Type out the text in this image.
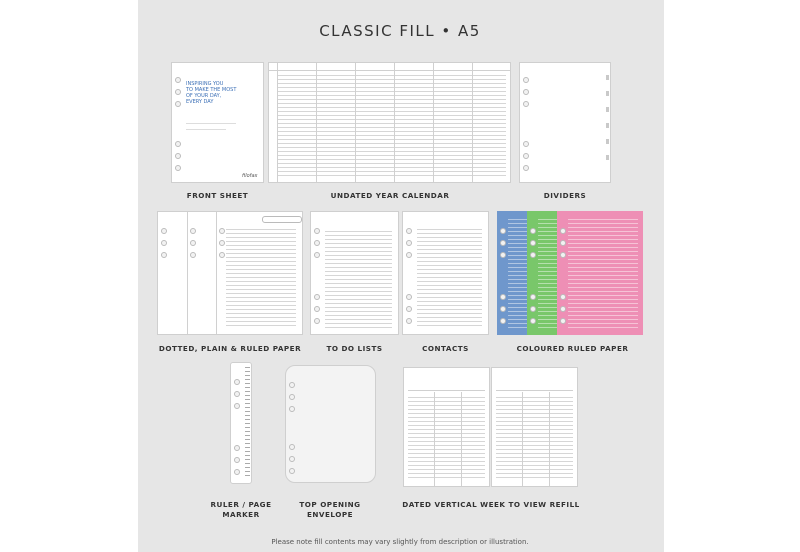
CLASSIC FILL • A5
INSPIRING YOU
TO MAKE THE MOST
OF YOUR DAY,
EVERY DAY
filofax
FRONT SHEET	UNDATED YEAR CALENDAR	DIVIDERS
DOTTED, PLAIN & RULED PAPER	TO DO LISTS	CONTACTS	COLOURED RULED PAPER
RULER / PAGE
MARKER
TOP OPENING
ENVELOPE
DATED VERTICAL WEEK TO VIEW REFILL
Please note fill contents may vary slightly from description or illustration.
